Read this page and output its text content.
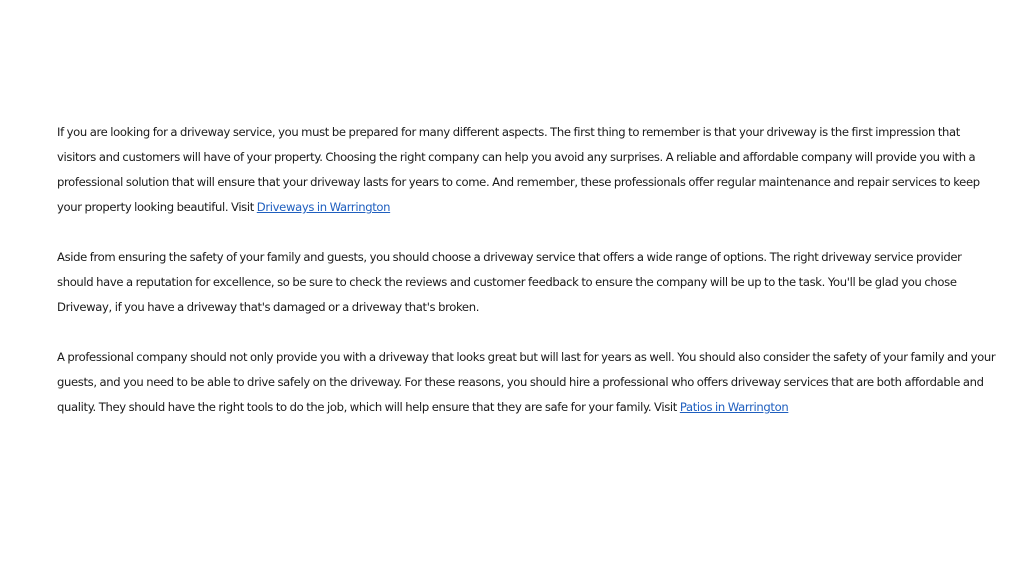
If you are looking for a driveway service, you must be prepared for many different aspects. The first thing to remember is that your driveway is the first impression that visitors and customers will have of your property. Choosing the right company can help you avoid any surprises. A reliable and affordable company will provide you with a professional solution that will ensure that your driveway lasts for years to come. And remember, these professionals offer regular maintenance and repair services to keep your property looking beautiful. Visit Driveways in Warrington

Aside from ensuring the safety of your family and guests, you should choose a driveway service that offers a wide range of options. The right driveway service provider should have a reputation for excellence, so be sure to check the reviews and customer feedback to ensure the company will be up to the task. You'll be glad you chose Driveway, if you have a driveway that's damaged or a driveway that's broken.

A professional company should not only provide you with a driveway that looks great but will last for years as well. You should also consider the safety of your family and your guests, and you need to be able to drive safely on the driveway. For these reasons, you should hire a professional who offers driveway services that are both affordable and quality. They should have the right tools to do the job, which will help ensure that they are safe for your family. Visit Patios in Warrington
